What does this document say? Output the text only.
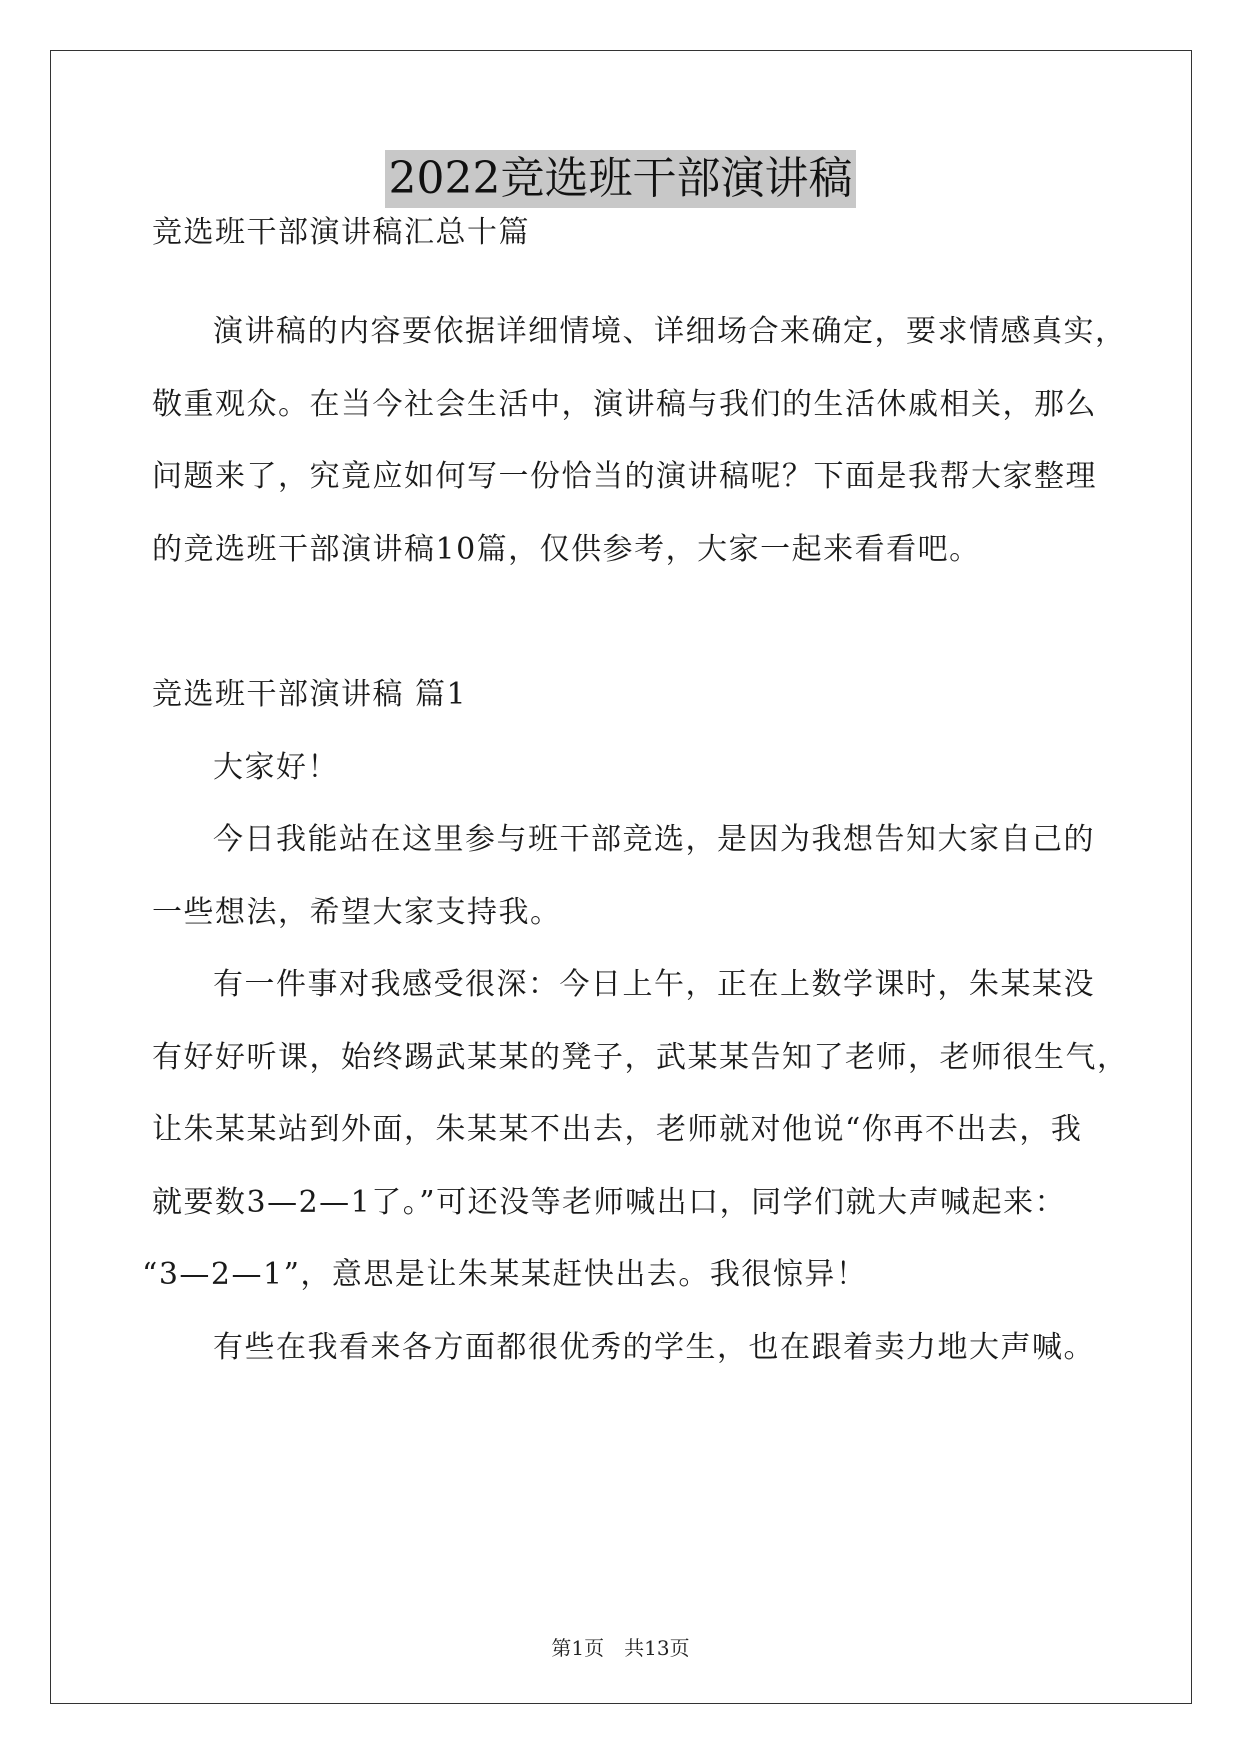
2022竞选班干部演讲稿
竞选班干部演讲稿汇总十篇
演讲稿的内容要依据详细情境、详细场合来确定，要求情感真实，
敬重观众。在当今社会生活中，演讲稿与我们的生活休戚相关，那么
问题来了，究竟应如何写一份恰当的演讲稿呢？下面是我帮大家整理
的竞选班干部演讲稿10篇，仅供参考，大家一起来看看吧。
竞选班干部演讲稿 篇1
大家好！
今日我能站在这里参与班干部竞选，是因为我想告知大家自己的
一些想法，希望大家支持我。
有一件事对我感受很深：今日上午，正在上数学课时，朱某某没
有好好听课，始终踢武某某的凳子，武某某告知了老师，老师很生气，
让朱某某站到外面，朱某某不出去，老师就对他说“你再不出去，我
就要数3—2—1了。”可还没等老师喊出口，同学们就大声喊起来：
“3—2—1”，意思是让朱某某赶快出去。我很惊异！
有些在我看来各方面都很优秀的学生，也在跟着卖力地大声喊。
第1页　共13页
